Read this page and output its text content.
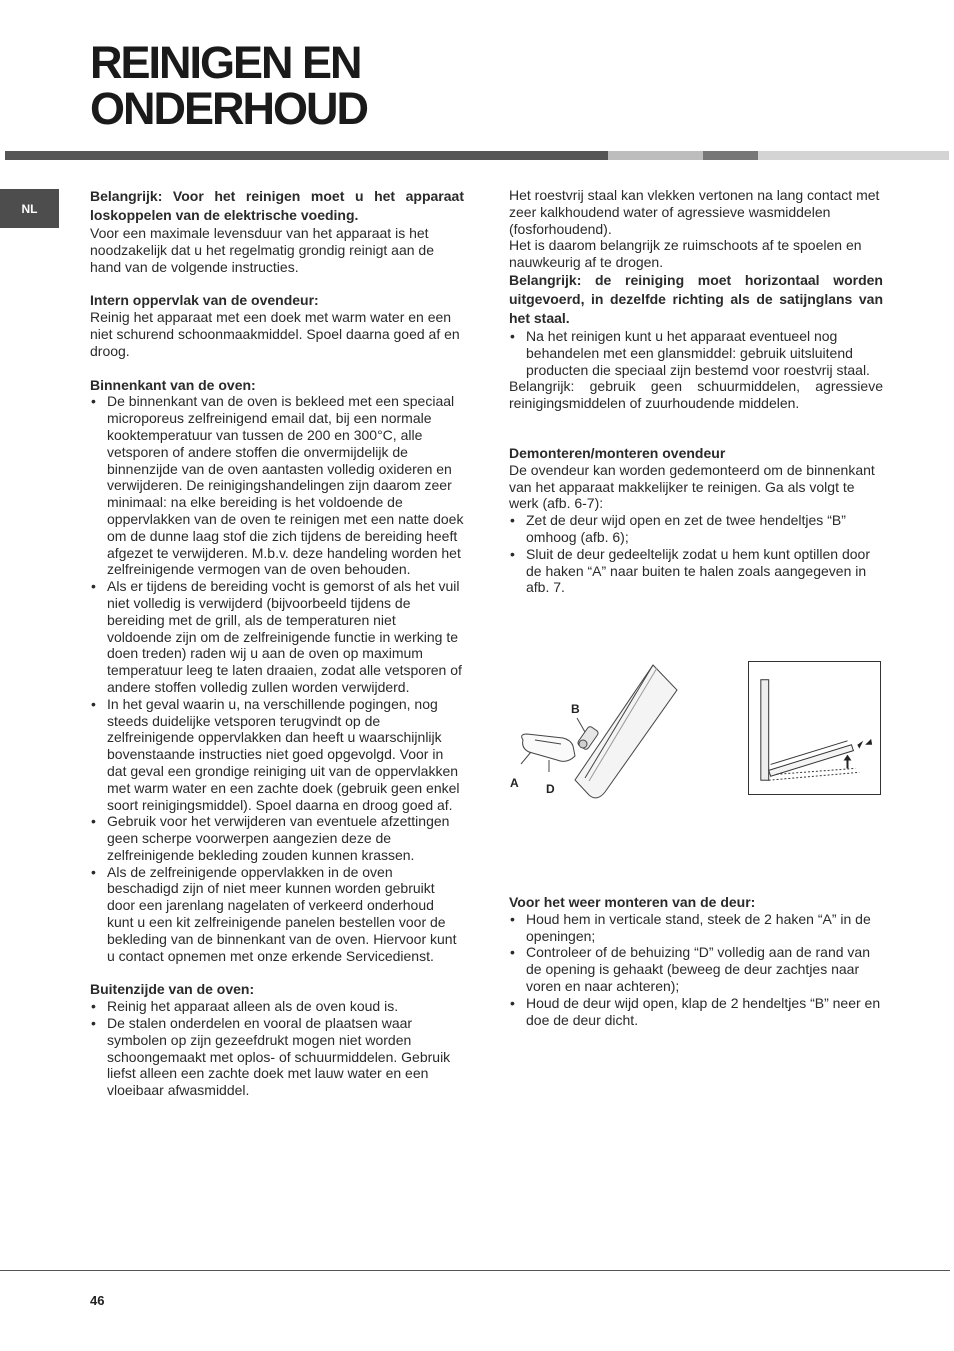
REINIGEN EN
ONDERHOUD
NL

Belangrijk: Voor het reinigen moet u het apparaat loskoppelen van de elektrische voeding.

Voor een maximale levensduur van het apparaat is het noodzakelijk dat u het regelmatig grondig reinigt aan de hand van de volgende instructies.

Intern oppervlak van de ovendeur:

Reinig het apparaat met een doek met warm water en een niet schurend schoonmaakmiddel. Spoel daarna goed af en droog.

Binnenkant van de oven:
• De binnenkant van de oven is bekleed met een speciaal microporeus zelfreinigend email dat, bij een normale kooktemperatuur van tussen de 200 en 300°C, alle vetsporen of andere stoffen die onvermijdelijk de binnenzijde van de oven aantasten volledig oxideren en verwijderen. De reinigingshandelingen zijn daarom zeer minimaal: na elke bereiding is het voldoende de oppervlakken van de oven te reinigen met een natte doek om de dunne laag stof die zich tijdens de bereiding heeft afgezet te verwijderen. M.b.v. deze handeling worden het zelfreinigende vermogen van de oven behouden.
• Als er tijdens de bereiding vocht is gemorst of als het vuil niet volledig is verwijderd (bijvoorbeeld tijdens de bereiding met de grill, als de temperaturen niet voldoende zijn om de zelfreinigende functie in werking te doen treden) raden wij u aan de oven op maximum temperatuur leeg te laten draaien, zodat alle vetsporen of andere stoffen volledig zullen worden verwijderd.
• In het geval waarin u, na verschillende pogingen, nog steeds duidelijke vetsporen terugvindt op de zelfreinigende oppervlakken dan heeft u waarschijnlijk bovenstaande instructies niet goed opgevolgd. Voor in dat geval een grondige reiniging uit van de oppervlakken met warm water en een zachte doek (gebruik geen enkel soort reinigingsmiddel). Spoel daarna en droog goed af.
• Gebruik voor het verwijderen van eventuele afzettingen geen scherpe voorwerpen aangezien deze de zelfreinigende bekleding zouden kunnen krassen.
• Als de zelfreinigende oppervlakken in de oven beschadigd zijn of niet meer kunnen worden gebruikt door een jarenlang nagelaten of verkeerd onderhoud kunt u een kit zelfreinigende panelen bestellen voor de bekleding van de binnenkant van de oven. Hiervoor kunt u contact opnemen met onze erkende Servicedienst.
Buitenzijde van de oven:
• Reinig het apparaat alleen als de oven koud is.
• De stalen onderdelen en vooral de plaatsen waar symbolen op zijn gezeefdrukt mogen niet worden schoongemaakt met oplos- of schuurmiddelen. Gebruik liefst alleen een zachte doek met lauw water en een vloeibaar afwasmiddel.

Het roestvrij staal kan vlekken vertonen na lang contact met zeer kalkhoudend water of agressieve wasmiddelen (fosforhoudend).

Het is daarom belangrijk ze ruimschoots af te spoelen en nauwkeurig af te drogen.

Belangrijk: de reiniging moet horizontaal worden uitgevoerd, in dezelfde richting als de satijnglans van het staal.

• Na het reinigen kunt u het apparaat eventueel nog behandelen met een glansmiddel: gebruik uitsluitend producten die speciaal zijn bestemd voor roestvrij staal.

Belangrijk: gebruik geen schuurmiddelen, agressieve reinigingsmiddelen of zuurhoudende middelen.

Demonteren/monteren ovendeur

De ovendeur kan worden gedemonteerd om de binnenkant van het apparaat makkelijker te reinigen. Ga als volgt te werk (afb. 6-7):

• Zet de deur wijd open en zet de twee hendeltjes “B” omhoog (afb. 6);
• Sluit de deur gedeeltelijk zodat u hem kunt optillen door de haken “A” naar buiten te halen zoals aangegeven in afb. 7.
B
A D
Voor het weer monteren van de deur:
• Houd hem in verticale stand, steek de 2 haken “A” in de openingen;
• Controleer of de behuizing “D” volledig aan de rand van de opening is gehaakt (beweeg de deur zachtjes naar voren en naar achteren);
• Houd de deur wijd open, klap de 2 hendeltjes “B” neer en doe de deur dicht.
46
